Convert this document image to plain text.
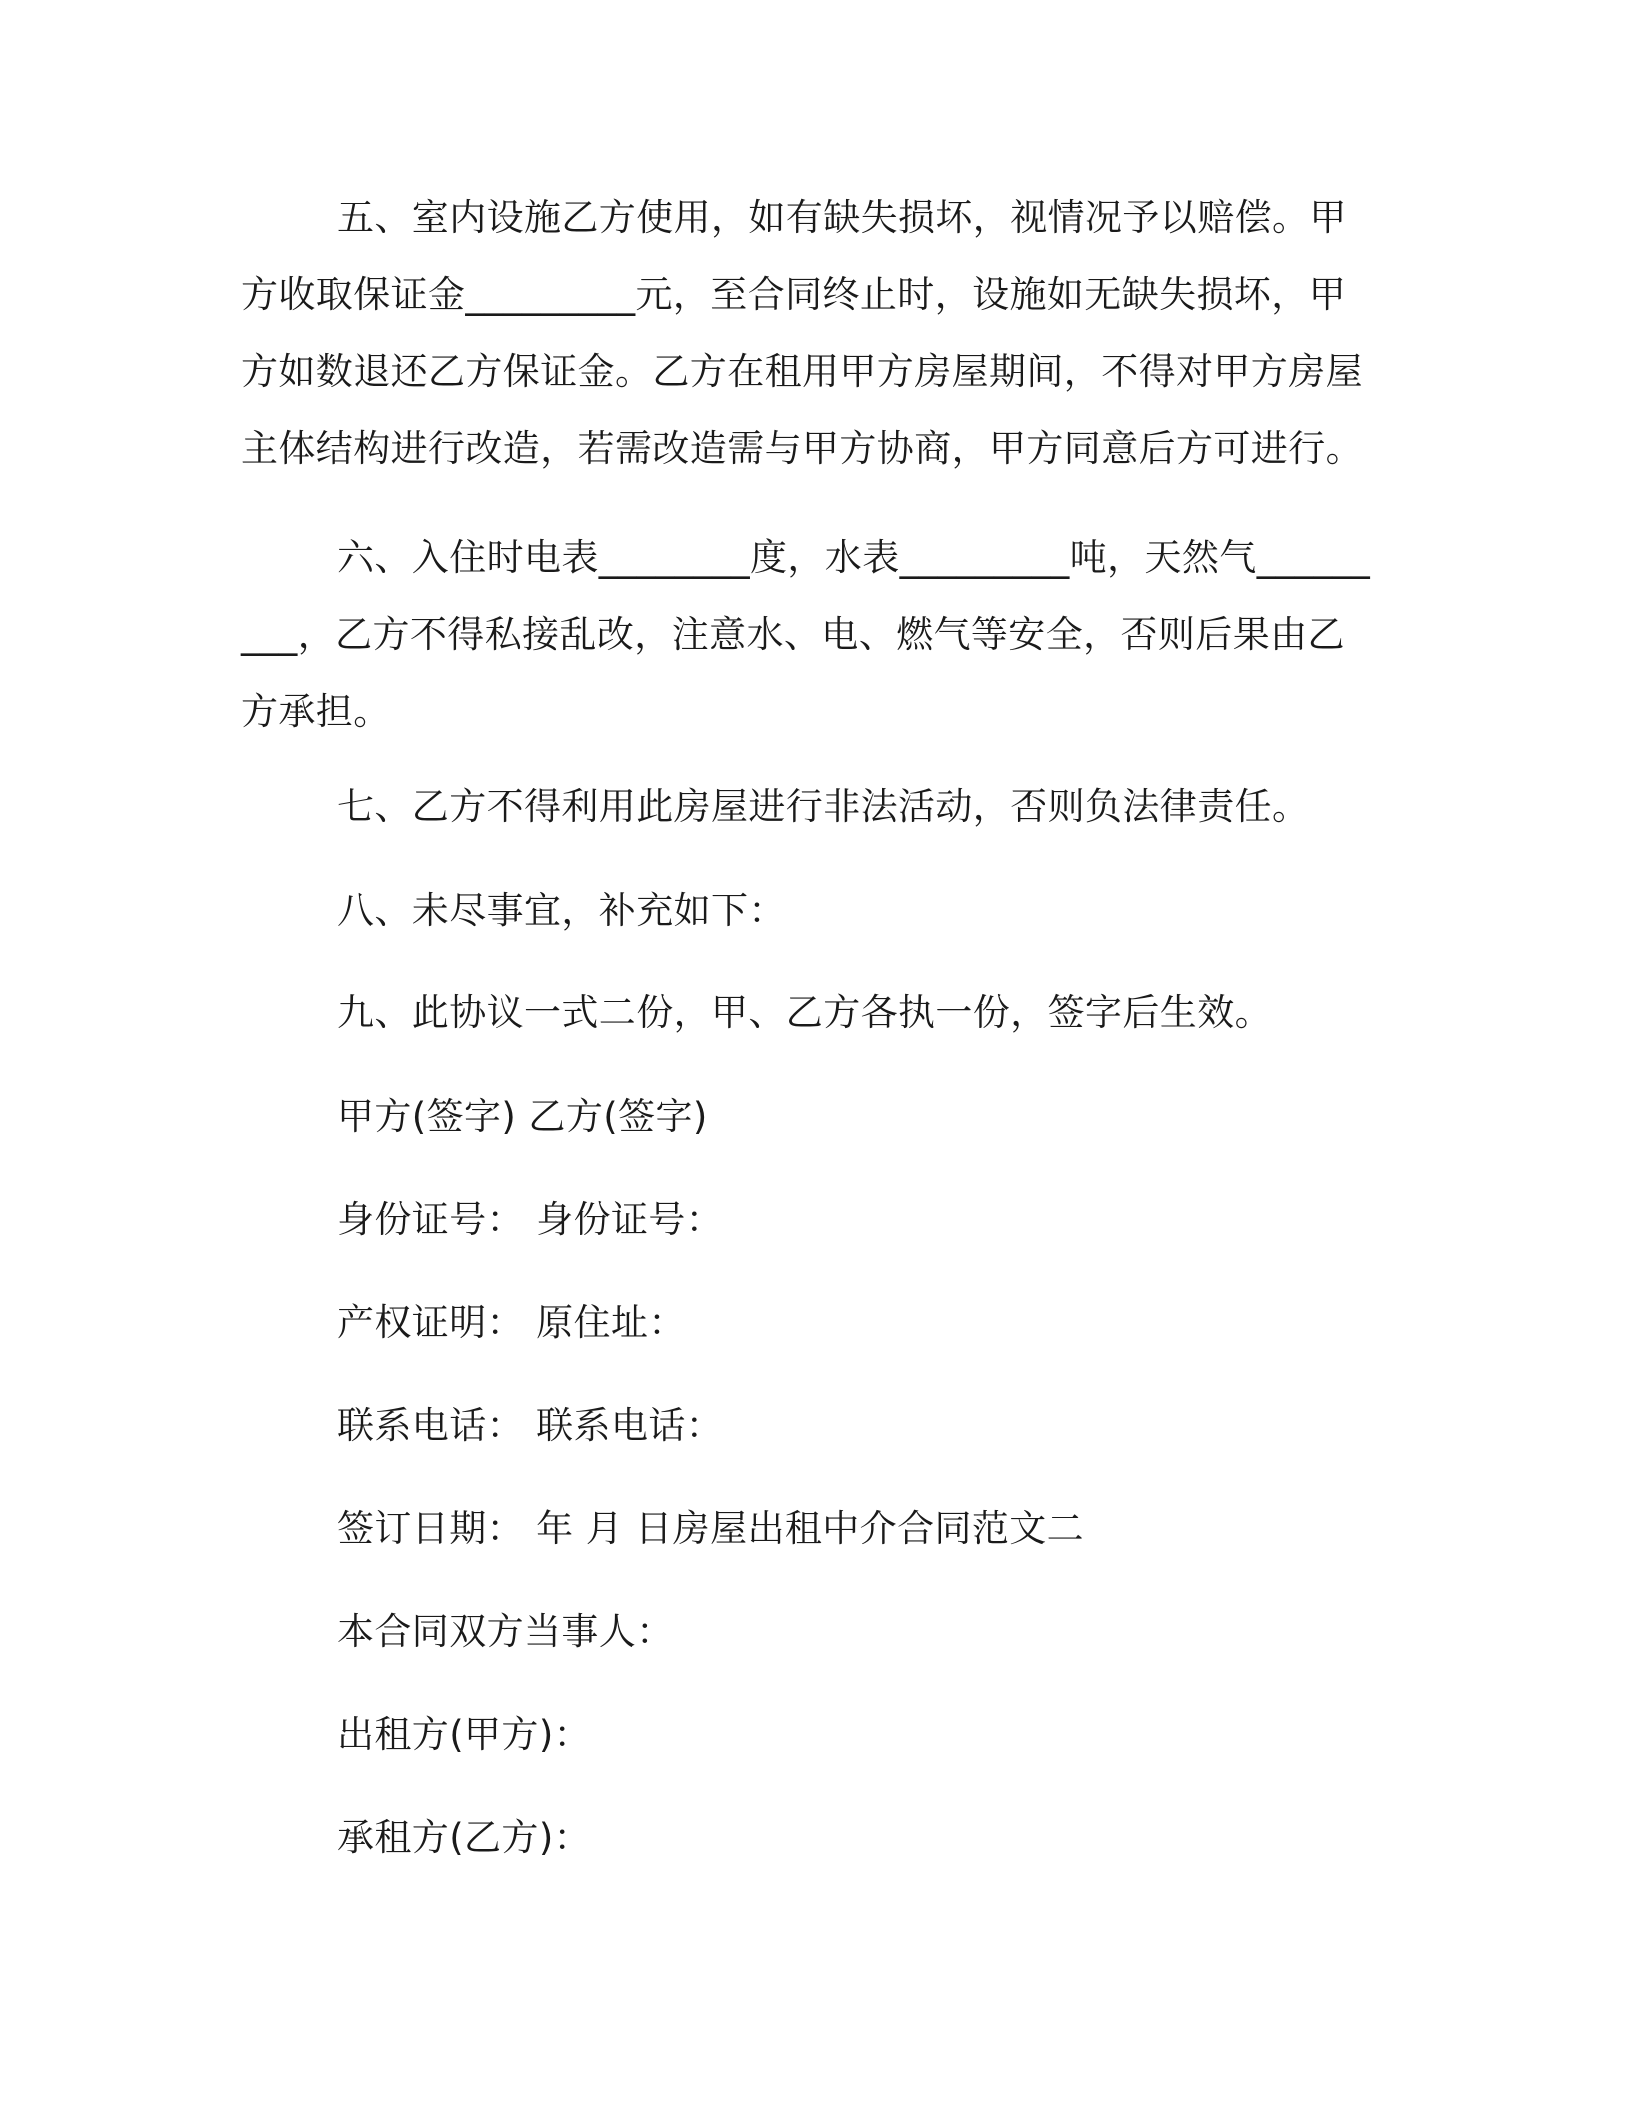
五、室内设施乙方使用，如有缺失损坏，视情况予以赔偿。甲方收取保证金_________元，至合同终止时，设施如无缺失损坏，甲方如数退还乙方保证金。乙方在租用甲方房屋期间，不得对甲方房屋主体结构进行改造，若需改造需与甲方协商，甲方同意后方可进行。

六、入住时电表________度，水表_________吨，天然气_________，乙方不得私接乱改，注意水、电、燃气等安全，否则后果由乙方承担。

七、乙方不得利用此房屋进行非法活动，否则负法律责任。

八、未尽事宜，补充如下：

九、此协议一式二份，甲、乙方各执一份，签字后生效。

甲方(签字) 乙方(签字)

身份证号： 身份证号：

产权证明： 原住址：

联系电话： 联系电话：

签订日期： 年 月 日房屋出租中介合同范文二

本合同双方当事人：

出租方(甲方)：

承租方(乙方)：
